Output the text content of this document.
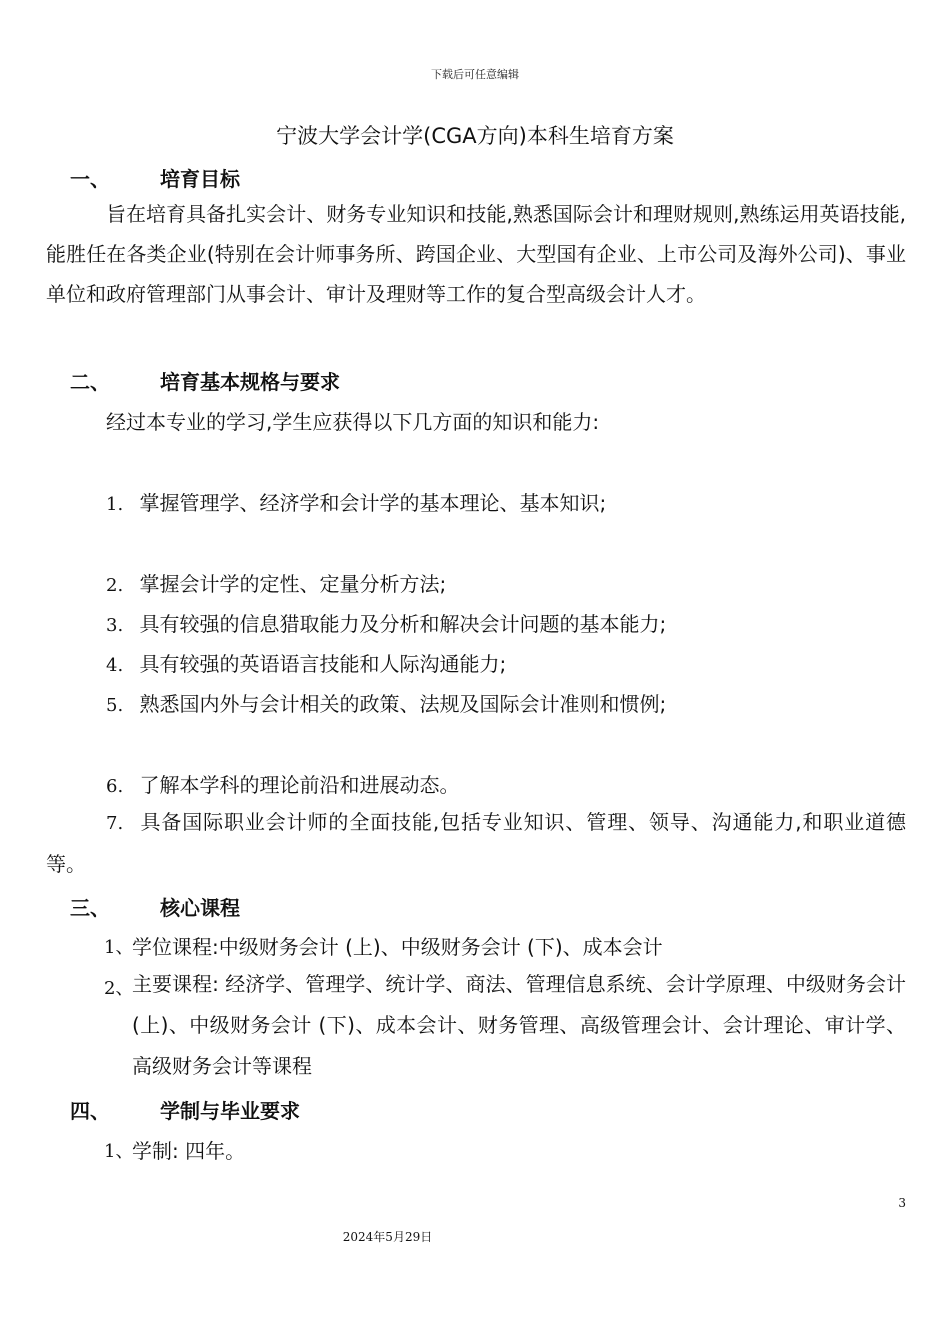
下载后可任意编辑
宁波大学会计学(CGA方向)本科生培育方案
一、	培育目标
旨在培育具备扎实会计、财务专业知识和技能,熟悉国际会计和理财规则,熟练运用英语技能,能胜任在各类企业(特别在会计师事务所、跨国企业、大型国有企业、上市公司及海外公司)、事业单位和政府管理部门从事会计、审计及理财等工作的复合型高级会计人才。
二、	培育基本规格与要求
经过本专业的学习,学生应获得以下几方面的知识和能力:
1. 掌握管理学、经济学和会计学的基本理论、基本知识;
2. 掌握会计学的定性、定量分析方法;
3. 具有较强的信息猎取能力及分析和解决会计问题的基本能力;
4. 具有较强的英语语言技能和人际沟通能力;
5. 熟悉国内外与会计相关的政策、法规及国际会计准则和惯例;
6. 了解本学科的理论前沿和进展动态。
7. 具备国际职业会计师的全面技能,包括专业知识、管理、领导、沟通能力,和职业道德等。
三、	核心课程
1、
学位课程:中级财务会计 (上)、中级财务会计 (下)、成本会计
2、
主要课程: 经济学、管理学、统计学、商法、管理信息系统、会计学原理、中级财务会计 (上)、中级财务会计 (下)、成本会计、财务管理、高级管理会计、会计理论、审计学、高级财务会计等课程
四、	学制与毕业要求
1、
学制: 四年。
3
2024年5月29日
